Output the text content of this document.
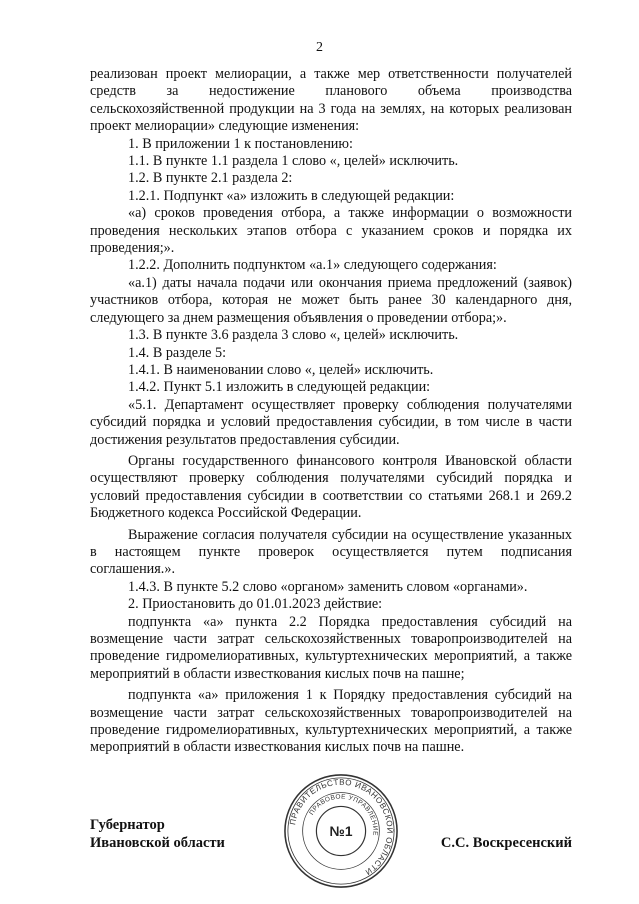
2

реализован проект мелиорации, а также мер ответственности получателей средств за недостижение планового объема производства сельскохозяйственной продукции на 3 года на землях, на которых реализован проект мелиорации» следующие изменения:

1. В приложении 1 к постановлению:

1.1. В пункте 1.1 раздела 1 слово «, целей» исключить.

1.2. В пункте 2.1 раздела 2:

1.2.1. Подпункт «а» изложить в следующей редакции:

«а) сроков проведения отбора, а также информации о возможности проведения нескольких этапов отбора с указанием сроков и порядка их проведения;».

1.2.2. Дополнить подпунктом «а.1» следующего содержания:

«а.1) даты начала подачи или окончания приема предложений (заявок) участников отбора, которая не может быть ранее 30 календарного дня, следующего за днем размещения объявления о проведении отбора;».

1.3. В пункте 3.6 раздела 3 слово «, целей» исключить.

1.4. В разделе 5:

1.4.1. В наименовании слово «, целей» исключить.

1.4.2. Пункт 5.1 изложить в следующей редакции:

«5.1. Департамент осуществляет проверку соблюдения получателями субсидий порядка и условий предоставления субсидии, в том числе в части достижения результатов предоставления субсидии.

Органы государственного финансового контроля Ивановской области осуществляют проверку соблюдения получателями субсидий порядка и условий предоставления субсидии в соответствии со статьями 268.1 и 269.2 Бюджетного кодекса Российской Федерации.

Выражение согласия получателя субсидии на осуществление указанных в настоящем пункте проверок осуществляется путем подписания соглашения.».

1.4.3. В пункте 5.2 слово «органом» заменить словом «органами».

2. Приостановить до 01.01.2023 действие:

подпункта «а» пункта 2.2 Порядка предоставления субсидий на возмещение части затрат сельскохозяйственных товаропроизводителей на проведение гидромелиоративных, культуртехнических мероприятий, а также мероприятий в области известкования кислых почв на пашне;

подпункта «а» приложения 1 к Порядку предоставления субсидий на возмещение части затрат сельскохозяйственных товаропроизводителей на проведение гидромелиоративных, культуртехнических мероприятий, а также мероприятий в области известкования кислых почв на пашне.

Губернатор
Ивановской области
ПРАВИТЕЛЬСТВО ИВАНОВСКОЙ ОБЛАСТИ
ПРАВОВОЕ УПРАВЛЕНИЕ
№1
С.С. Воскресенский
